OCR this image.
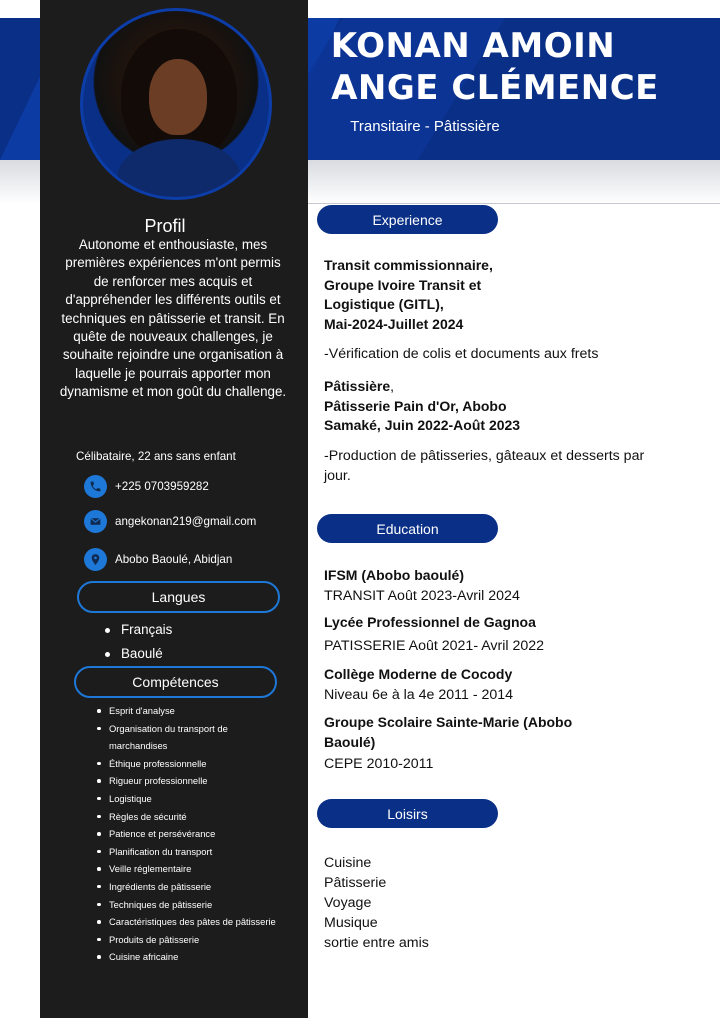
KONAN AMOIN
ANGE CLÉMENCE
Transitaire - Pâtissière
Profil
Autonome et enthousiaste, mes premières expériences m'ont permis de renforcer mes acquis et d'appréhender les différents outils et techniques en pâtisserie et transit. En quête de nouveaux challenges, je souhaite rejoindre une organisation à laquelle je pourrais apporter mon dynamisme et mon goût du challenge.
Célibataire, 22 ans sans enfant
+225 0703959282
angekonan219@gmail.com
Abobo Baoulé, Abidjan
Langues
Français
Baoulé
Compétences
Esprit d'analyse
Organisation du transport de marchandises
Éthique professionnelle
Rigueur professionnelle
Logistique
Règles de sécurité
Patience et persévérance
Planification du transport
Veille réglementaire
Ingrédients de pâtisserie
Techniques de pâtisserie
Caractéristiques des pâtes de pâtisserie
Produits de pâtisserie
Cuisine africaine
Experience
Transit commissionnaire,
Groupe Ivoire Transit et
Logistique (GITL),
Mai-2024-Juillet 2024
-Vérification de colis et documents aux frets
Pâtissière,
Pâtisserie Pain d'Or, Abobo
Samaké, Juin 2022-Août 2023
-Production de pâtisseries, gâteaux et desserts par jour.
Education
IFSM (Abobo baoulé)
TRANSIT Août 2023-Avril 2024
Lycée Professionnel de Gagnoa
PATISSERIE Août 2021- Avril 2022
Collège Moderne de Cocody
Niveau 6e à la 4e 2011 - 2014
Groupe Scolaire Sainte-Marie (Abobo Baoulé)
CEPE 2010-2011
Loisirs
Cuisine
Pâtisserie
Voyage
Musique
sortie entre amis
